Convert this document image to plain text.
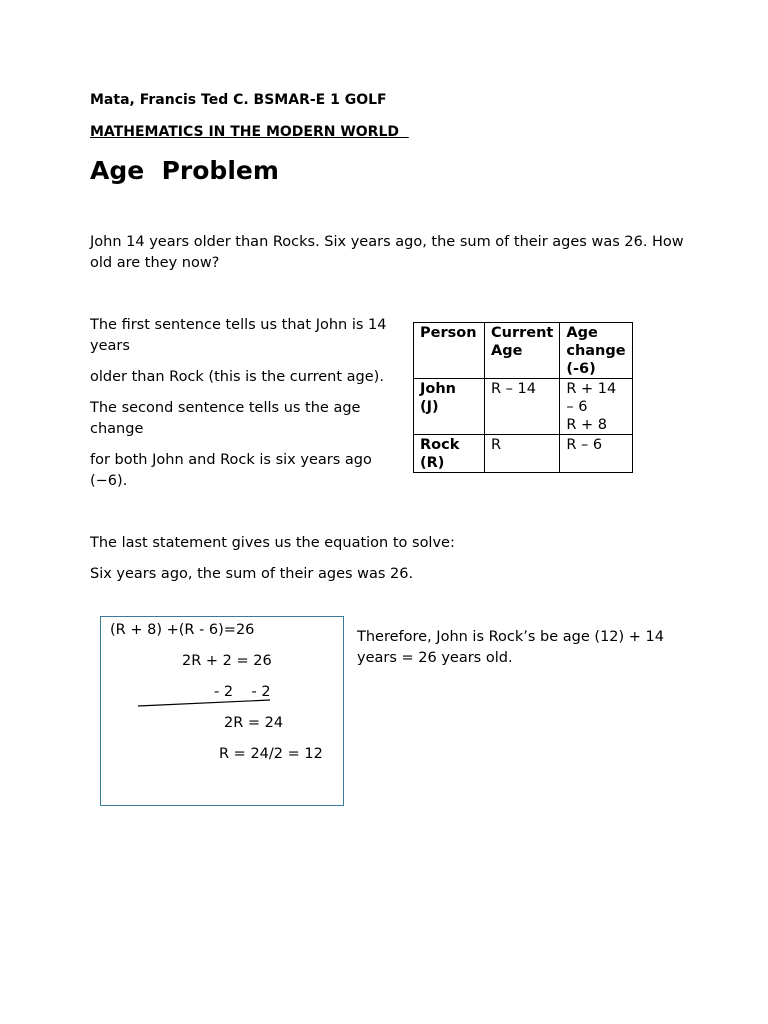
Mata, Francis Ted C. BSMAR-E 1 GOLF
MATHEMATICS IN THE MODERN WORLD
Age  Problem
John 14 years older than Rocks. Six years ago, the sum of their ages was 26. How old are they now?

The first sentence tells us that John is 14 years

older than Rock (this is the current age).

The second sentence tells us the age change

for both John and Rock is six years ago (−6).

Person	Current Age	Age change (-6)
John (J)	R – 14	R + 14 – 6
R + 8

Rock (R)	R	R – 6

The last statement gives us the equation to solve:

Six years ago, the sum of their ages was 26.

(R + 8) +(R - 6)=26
2R + 2 = 26
- 2    - 2
2R = 24
R = 24/2 = 12
Therefore, John is Rock’s be age (12) + 14 years = 26 years old.
